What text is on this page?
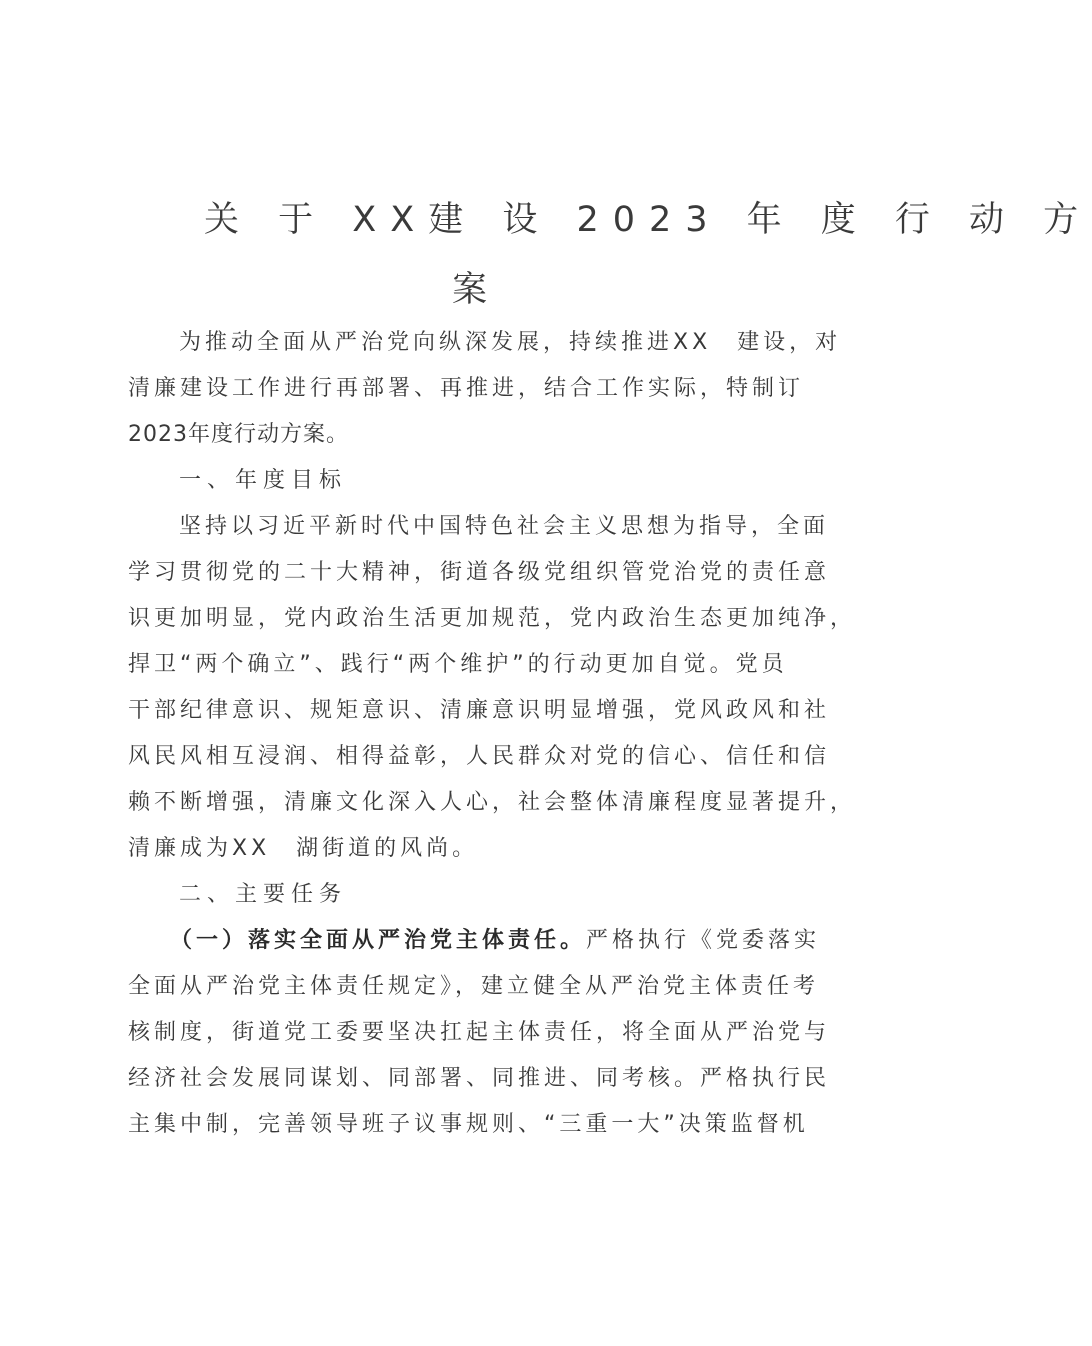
关 于 XX建 设 2023 年 度 行 动 方
案
为推动全面从严治党向纵深发展，持续推进XX　建设，对
清廉建设工作进行再部署、再推进，结合工作实际，特制订
2023年度行动方案。
一、年度目标
坚持以习近平新时代中国特色社会主义思想为指导，全面
学习贯彻党的二十大精神，街道各级党组织管党治党的责任意
识更加明显，党内政治生活更加规范，党内政治生态更加纯净，
捍卫“两个确立”、践行“两个维护”的行动更加自觉。党员
干部纪律意识、规矩意识、清廉意识明显增强，党风政风和社
风民风相互浸润、相得益彰，人民群众对党的信心、信任和信
赖不断增强，清廉文化深入人心，社会整体清廉程度显著提升，
清廉成为XX　湖街道的风尚。
二、主要任务
（一）落实全面从严治党主体责任。严格执行《党委落实
全面从严治党主体责任规定》，建立健全从严治党主体责任考
核制度，街道党工委要坚决扛起主体责任，将全面从严治党与
经济社会发展同谋划、同部署、同推进、同考核。严格执行民
主集中制，完善领导班子议事规则、“三重一大”决策监督机
